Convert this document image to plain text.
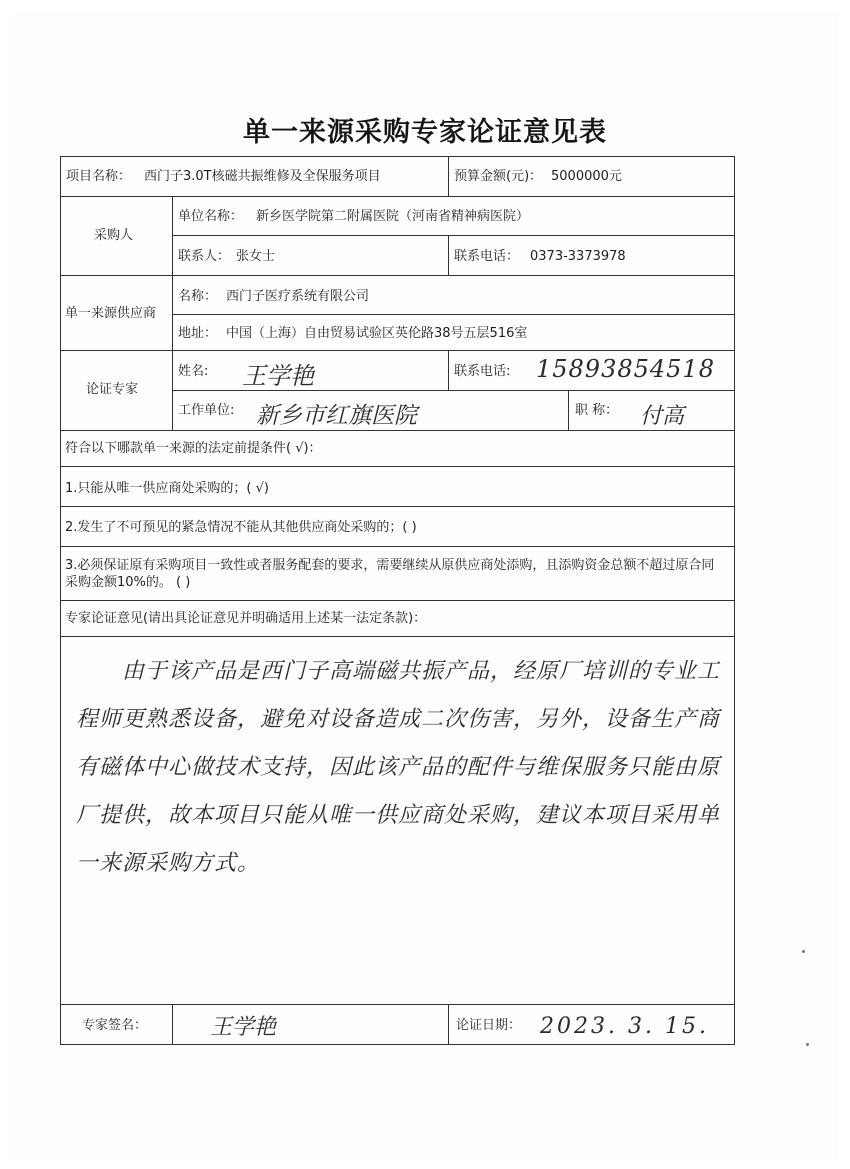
单一来源采购专家论证意见表
项目名称： 西门子3.0T核磁共振维修及全保服务项目	预算金额(元)： 5000000元
采购人
单位名称： 新乡医学院第二附属医院（河南省精神病医院）
联系人： 张女士	联系电话： 0373-3373978
单一来源供应商
名称： 西门子医疗系统有限公司
地址： 中国（上海）自由贸易试验区英伦路38号五层516室
论证专家
姓名: 王学艳	联系电话: 15893854518
工作单位: 新乡市红旗医院	职 称： 付高
符合以下哪款单一来源的法定前提条件( √)：
1.只能从唯一供应商处采购的；( √)
2.发生了不可预见的紧急情况不能从其他供应商处采购的；( )
3.必须保证原有采购项目一致性或者服务配套的要求，需要继续从原供应商处添购，且添购资金总额不超过原合同采购金额10%的。 ( )
专家论证意见(请出具论证意见并明确适用上述某一法定条款)：
由于该产品是西门子高端磁共振产品，经原厂培训的专业工程师更熟悉设备，避免对设备造成二次伤害，另外，设备生产商有磁体中心做技术支持，因此该产品的配件与维保服务只能由原厂提供，故本项目只能从唯一供应商处采购，建议本项目采用单一来源采购方式。
专家签名：	王学艳	论证日期： 2023. 3. 15.
